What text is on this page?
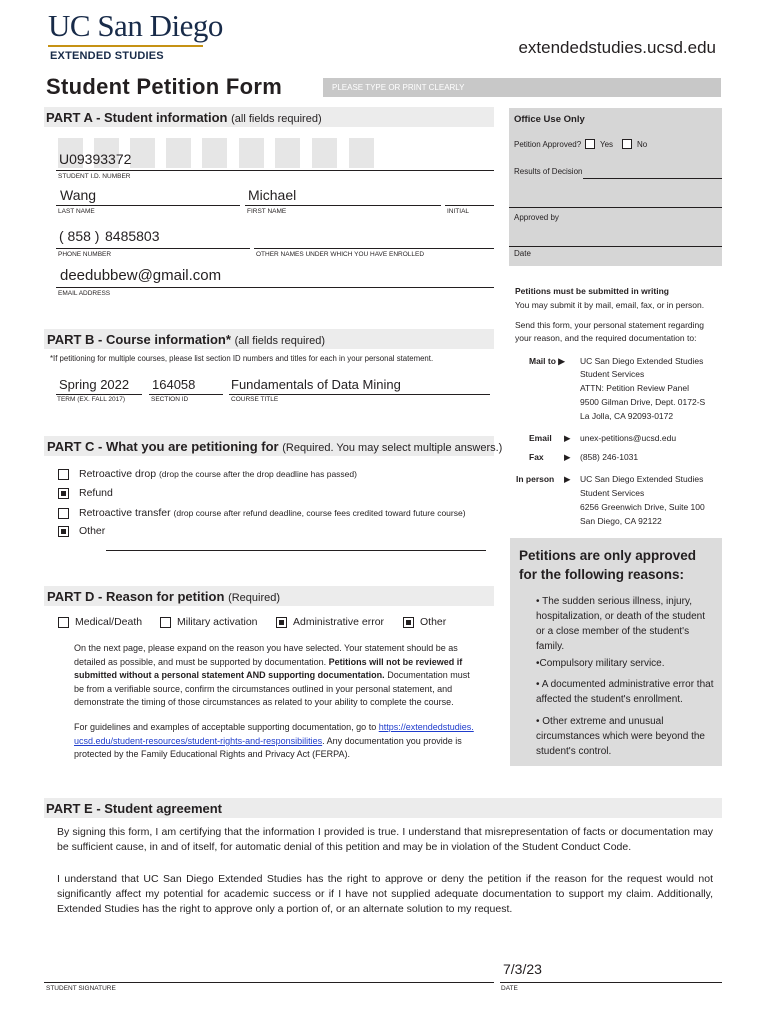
UC San Diego
EXTENDED STUDIES	extendedstudies.ucsd.edu
Student Petition Form	PLEASE TYPE OR PRINT CLEARLY
PART A - Student information (all fields required)
U09393372
STUDENT I.D. NUMBER
Wang
LAST NAME
Michael
FIRST NAME	INITIAL
( 858 ) 8485803
PHONE NUMBER	OTHER NAMES UNDER WHICH YOU HAVE ENROLLED
deedubbew@gmail.com
EMAIL ADDRESS
PART B - Course information* (all fields required)
*If petitioning for multiple courses, please list section ID numbers and titles for each in your personal statement.
Spring 2022
TERM (EX. FALL 2017)
164058
SECTION ID
Fundamentals of Data Mining
COURSE TITLE
PART C - What you are petitioning for (Required. You may select multiple answers.)
Retroactive drop (drop the course after the drop deadline has passed)
Refund
Retroactive transfer (drop course after refund deadline, course fees credited toward future course)
Other
PART D - Reason for petition (Required)
Medical/Death	Military activation	Administrative error	Other
On the next page, please expand on the reason you have selected. Your statement should be as detailed as possible, and must be supported by documentation. Petitions will not be reviewed if submitted without a personal statement AND supporting documentation. Documentation must be from a verifiable source, confirm the circumstances outlined in your personal statement, and demonstrate the timing of those circumstances as related to your ability to complete the course.
For guidelines and examples of acceptable supporting documentation, go to https://extendedstudies.ucsd.edu/student-resources/student-rights-and-responsibilities. Any documentation you provide is protected by the Family Educational Rights and Privacy Act (FERPA).
PART E - Student agreement
By signing this form, I am certifying that the information I provided is true. I understand that misrepresentation of facts or documentation may be sufficient cause, in and of itself, for automatic denial of this petition and may be in violation of the Student Conduct Code.
I understand that UC San Diego Extended Studies has the right to approve or deny the petition if the reason for the request would not significantly affect my potential for academic success or if I have not supplied adequate documentation to support my claim. Additionally, Extended Studies has the right to approve only a portion of, or an alternate solution to my request.
STUDENT SIGNATURE
7/3/23
DATE
Office Use Only
Petition Approved? Yes	No
Results of Decision
Approved by
Date
Petitions must be submitted in writing
You may submit it by mail, email, fax, or in person.
Send this form, your personal statement regarding
your reason, and the required documentation to:
Mail to ▶ UC San Diego Extended Studies
Student Services
ATTN: Petition Review Panel
9500 Gilman Drive, Dept. 0172-S
La Jolla, CA 92093-0172
Email ▶ unex-petitions@ucsd.edu
Fax ▶ (858) 246-1031
In person ▶ UC San Diego Extended Studies
Student Services
6256 Greenwich Drive, Suite 100
San Diego, CA 92122
Petitions are only approved
for the following reasons:
• The sudden serious illness, injury, hospitalization, or death of the student or a close member of the student's family.
•Compulsory military service.
• A documented administrative error that affected the student's enrollment.
• Other extreme and unusual circumstances which were beyond the student's control.
